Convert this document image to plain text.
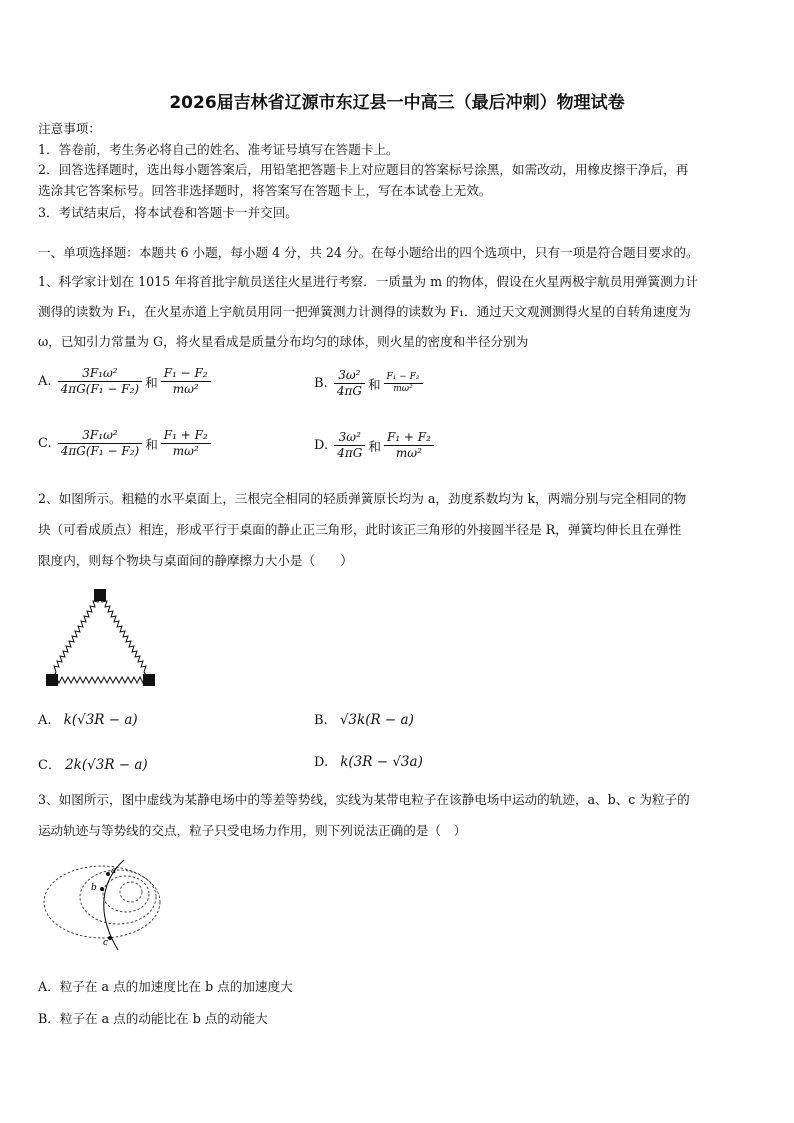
2026届吉林省辽源市东辽县一中高三（最后冲刺）物理试卷
注意事项：
1．答卷前，考生务必将自己的姓名、准考证号填写在答题卡上。
2．回答选择题时，选出每小题答案后，用铅笔把答题卡上对应题目的答案标号涂黑，如需改动，用橡皮擦干净后，再
选涂其它答案标号。回答非选择题时，将答案写在答题卡上，写在本试卷上无效。
3．考试结束后，将本试卷和答题卡一并交回。
一、单项选择题：本题共 6 小题，每小题 4 分，共 24 分。在每小题给出的四个选项中，只有一项是符合题目要求的。
1、科学家计划在 1015 年将首批宇航员送往火星进行考察．一质量为 m 的物体，假设在火星两极宇航员用弹簧测力计
测得的读数为 F₁，在火星赤道上宇航员用同一把弹簧测力计测得的读数为 F₁．通过天文观测测得火星的自转角速度为
ω，已知引力常量为 G，将火星看成是质量分布均匀的球体，则火星的密度和半径分别为
A. $\frac{\text{3F₁ω²}}{\text{4πG(F₁ − F₂)}}$ 和 $\frac{\text{F₁ − F₂}}{\text{mω²}}$	B. $\frac{\text{3ω²}}{4\pi G}$ 和 $\frac{\text{F₁ − F₂}}{\text{mω²}}$
C. $\frac{\text{3F₁ω²}}{\text{4πG(F₁ − F₂)}}$ 和 $\frac{\text{F₁ + F₂}}{\text{mω²}}$	D. $\frac{\text{3ω²}}{4\pi G}$ 和 $\frac{\text{F₁ + F₂}}{\text{mω²}}$
2、如图所示。粗糙的水平桌面上，三根完全相同的轻质弹簧原长均为 a，劲度系数均为 k，两端分别与完全相同的物
块（可看成质点）相连，形成平行于桌面的静止正三角形，此时该正三角形的外接圆半径是 R，弹簧均伸长且在弹性
限度内，则每个物块与桌面间的静摩擦力大小是（　　）
A. k(√3R − a)	B. √3k(R − a)
C． 2k(√3R − a)	D. k(3R − √3a)
3、如图所示，图中虚线为某静电场中的等差等势线，实线为某带电粒子在该静电场中运动的轨迹，a、b、c 为粒子的
运动轨迹与等势线的交点，粒子只受电场力作用，则下列说法正确的是（　）
a
b
c
A．粒子在 a 点的加速度比在 b 点的加速度大
B．粒子在 a 点的动能比在 b 点的动能大
